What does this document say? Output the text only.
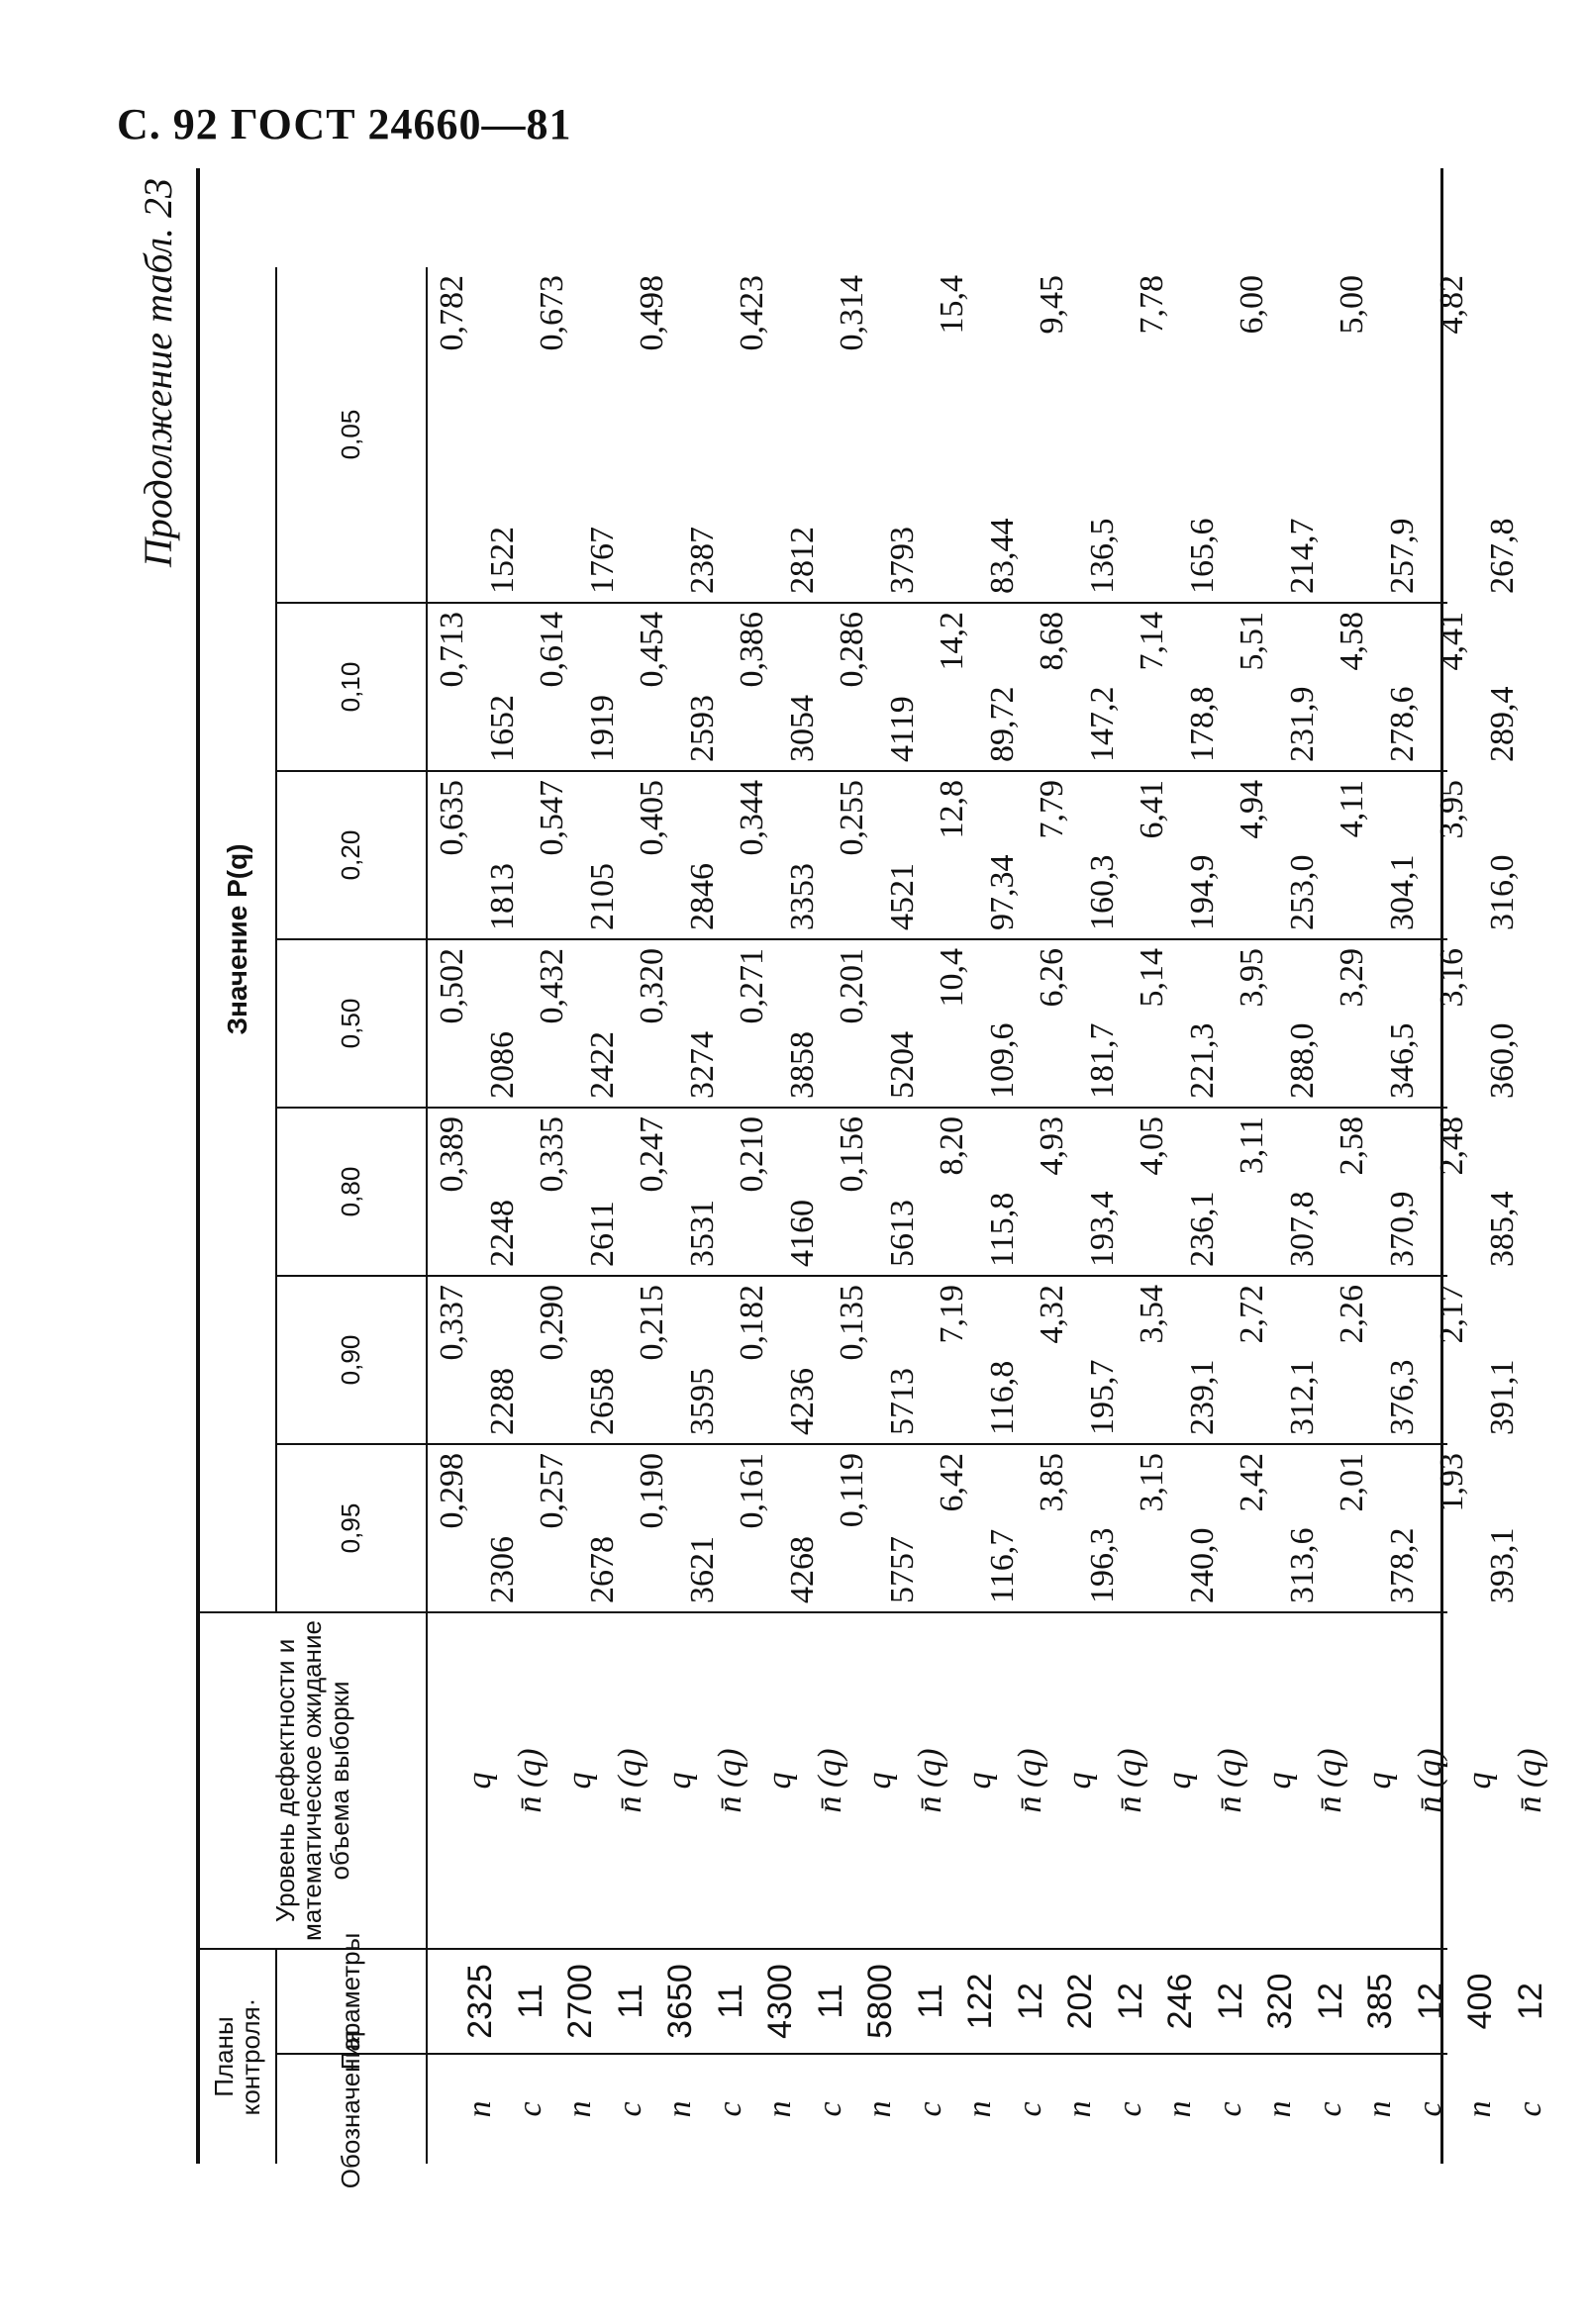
С. 92 ГОСТ 24660—81
Продолжение табл. 23
Планы контроля·
Уровень дефектности и математическое ожидание объема выборки
Значение P(q)
Обозначения
Параметры
0,95
0,90
0,80
0,50
0,20
0,10
0,05
n c n c n c n c n c n c n c n c n c n c n c
2325 11 2700 11 3650 11 4300 11 5800 11 122 12 202 12 246 12 320 12 385 12 400 12
q n̄ (q) q n̄ (q) q n̄ (q) q n̄ (q) q n̄ (q) q n̄ (q) q n̄ (q) q n̄ (q) q n̄ (q) q n̄ (q) q n̄ (q)
0,298
2306
0,257
2678
0,190
3621
0,161
4268
0,119
5757
6,42
116,7
3,85
196,3
3,15
240,0
2,42
313,6
2,01
378,2
1,93
393,1
0,337
2288
0,290
2658
0,215
3595
0,182
4236
0,135
5713
7,19
116,8
4,32
195,7
3,54
239,1
2,72
312,1
2,26
376,3
2,17
391,1
0,389
2248
0,335
2611
0,247
3531
0,210
4160
0,156
5613
8,20
115,8
4,93
193,4
4,05
236,1
3,11
307,8
2,58
370,9
2,48
385,4
0,502
2086
0,432
2422
0,320
3274
0,271
3858
0,201
5204
10,4
109,6
6,26
181,7
5,14
221,3
3,95
288,0
3,29
346,5
3,16
360,0
0,635
1813
0,547
2105
0,405
2846
0,344
3353
0,255
4521
12,8
97,34
7,79
160,3
6,41
194,9
4,94
253,0
4,11
304,1
3,95
316,0
0,713
1652
0,614
1919
0,454
2593
0,386
3054
0,286
4119
14,2
89,72
8,68
147,2
7,14
178,8
5,51
231,9
4,58
278,6
4,41
289,4
0,782
1522
0,673
1767
0,498
2387
0,423
2812
0,314
3793
15,4
83,44
9,45
136,5
7,78
165,6
6,00
214,7
5,00
257,9
4,82
267,8
